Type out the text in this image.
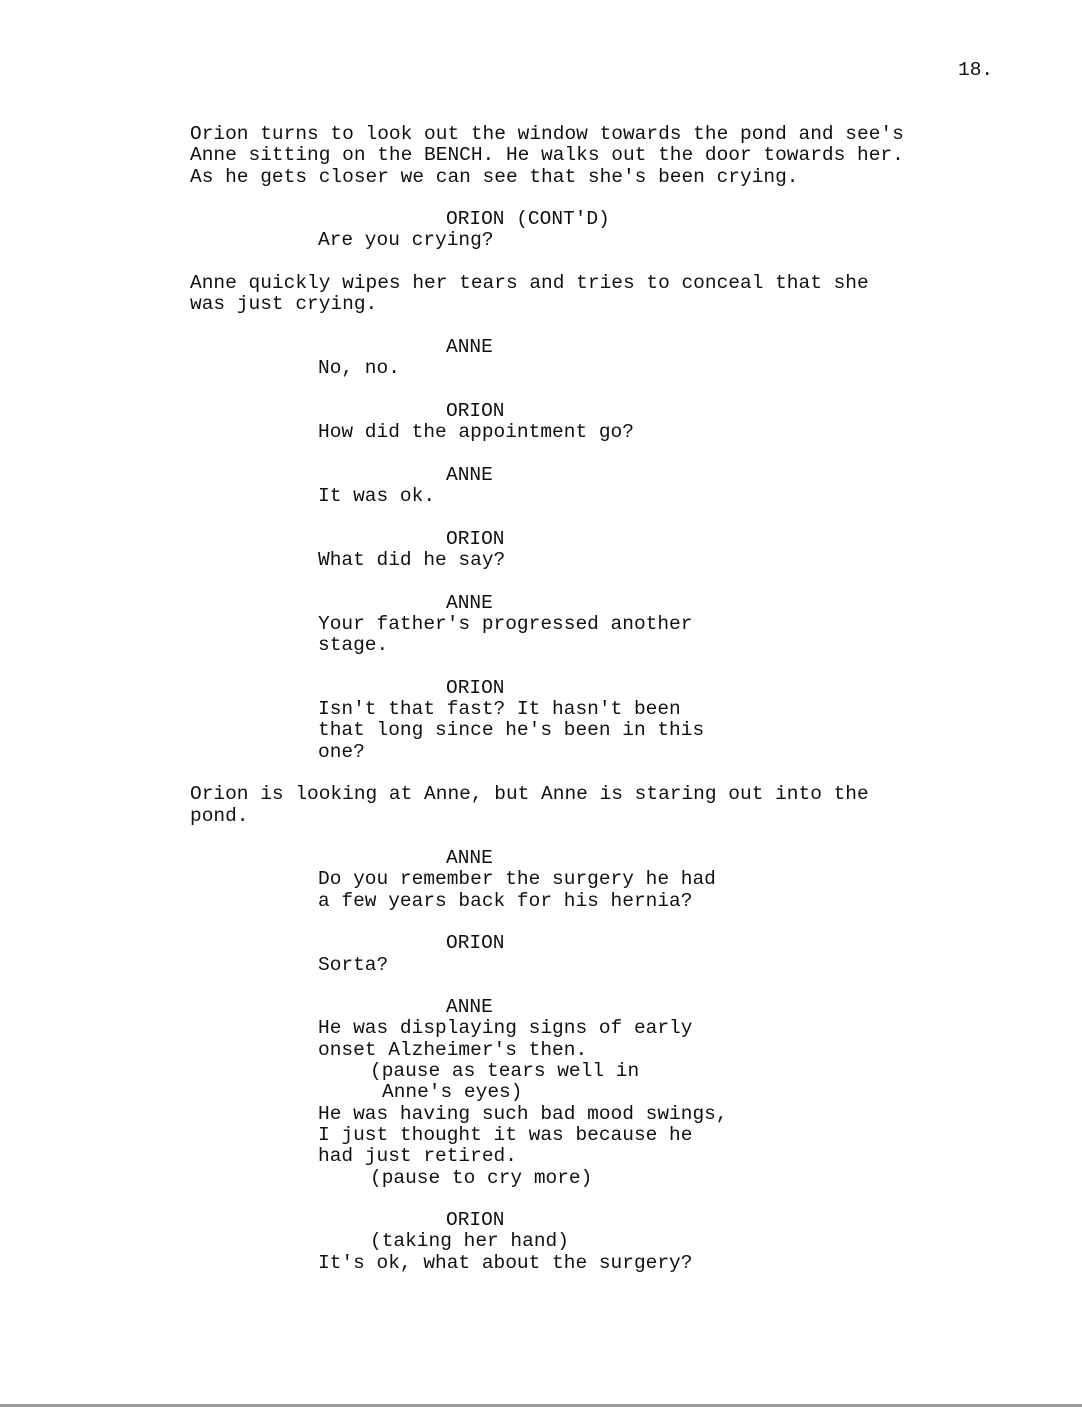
18.
Orion turns to look out the window towards the pond and see's
Anne sitting on the BENCH. He walks out the door towards her.
As he gets closer we can see that she's been crying.
ORION (CONT'D)
Are you crying?
Anne quickly wipes her tears and tries to conceal that she
was just crying.
ANNE
No, no.
ORION
How did the appointment go?
ANNE
It was ok.
ORION
What did he say?
ANNE
Your father's progressed another
stage.
ORION
Isn't that fast? It hasn't been
that long since he's been in this
one?
Orion is looking at Anne, but Anne is staring out into the
pond.
ANNE
Do you remember the surgery he had
a few years back for his hernia?
ORION
Sorta?
ANNE
He was displaying signs of early
onset Alzheimer's then.
(pause as tears well in
Anne's eyes)
He was having such bad mood swings,
I just thought it was because he
had just retired.
(pause to cry more)
ORION
(taking her hand)
It's ok, what about the surgery?
